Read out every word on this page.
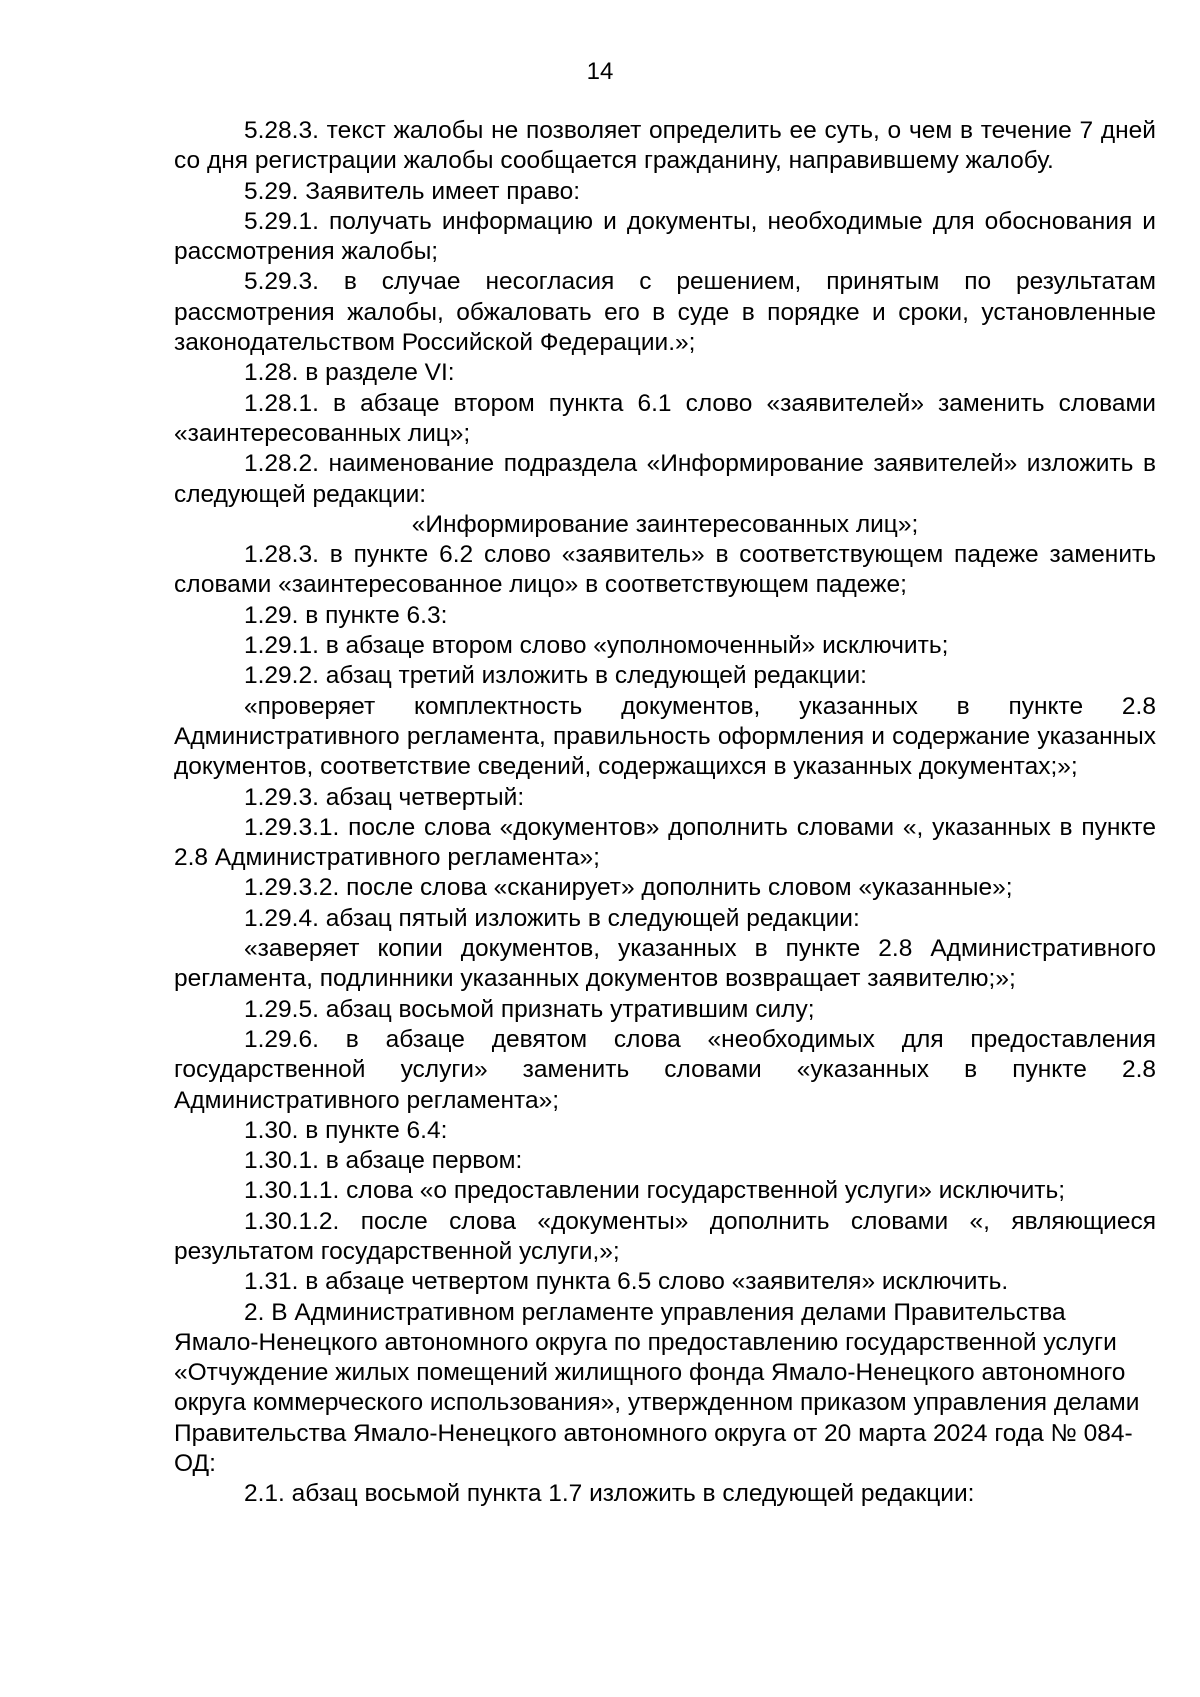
14

5.28.3. текст жалобы не позволяет определить ее суть, о чем в течение 7 дней со дня регистрации жалобы сообщается гражданину, направившему жалобу.

5.29. Заявитель имеет право:

5.29.1. получать информацию и документы, необходимые для обоснования и рассмотрения жалобы;

5.29.3. в случае несогласия с решением, принятым по результатам рассмотрения жалобы, обжаловать его в суде в порядке и сроки, установленные законодательством Российской Федерации.»;

1.28. в разделе VI:

1.28.1. в абзаце втором пункта 6.1 слово «заявителей» заменить словами «заинтересованных лиц»;

1.28.2. наименование подраздела «Информирование заявителей» изложить в следующей редакции:

«Информирование заинтересованных лиц»;

1.28.3. в пункте 6.2 слово «заявитель» в соответствующем падеже заменить словами «заинтересованное лицо» в соответствующем падеже;

1.29. в пункте 6.3:

1.29.1. в абзаце втором слово «уполномоченный» исключить;

1.29.2. абзац третий изложить в следующей редакции:

«проверяет комплектность документов, указанных в пункте 2.8 Административного регламента, правильность оформления и содержание указанных документов, соответствие сведений, содержащихся в указанных документах;»;

1.29.3. абзац четвертый:

1.29.3.1. после слова «документов» дополнить словами «, указанных в пункте 2.8 Административного регламента»;

1.29.3.2. после слова «сканирует» дополнить словом «указанные»;

1.29.4. абзац пятый изложить в следующей редакции:

«заверяет копии документов, указанных в пункте 2.8 Административного регламента, подлинники указанных документов возвращает заявителю;»;

1.29.5. абзац восьмой признать утратившим силу;

1.29.6. в абзаце девятом слова «необходимых для предоставления государственной услуги» заменить словами «указанных в пункте 2.8 Административного регламента»;

1.30. в пункте 6.4:

1.30.1. в абзаце первом:

1.30.1.1. слова «о предоставлении государственной услуги» исключить;

1.30.1.2. после слова «документы» дополнить словами «, являющиеся результатом государственной услуги,»;

1.31. в абзаце четвертом пункта 6.5 слово «заявителя» исключить.

2. В Административном регламенте управления делами Правительства Ямало-Ненецкого автономного округа по предоставлению государственной услуги «Отчуждение жилых помещений жилищного фонда Ямало-Ненецкого автономного округа коммерческого использования», утвержденном приказом управления делами Правительства Ямало-Ненецкого автономного округа от 20 марта 2024 года № 084-ОД:

2.1. абзац восьмой пункта 1.7 изложить в следующей редакции:
